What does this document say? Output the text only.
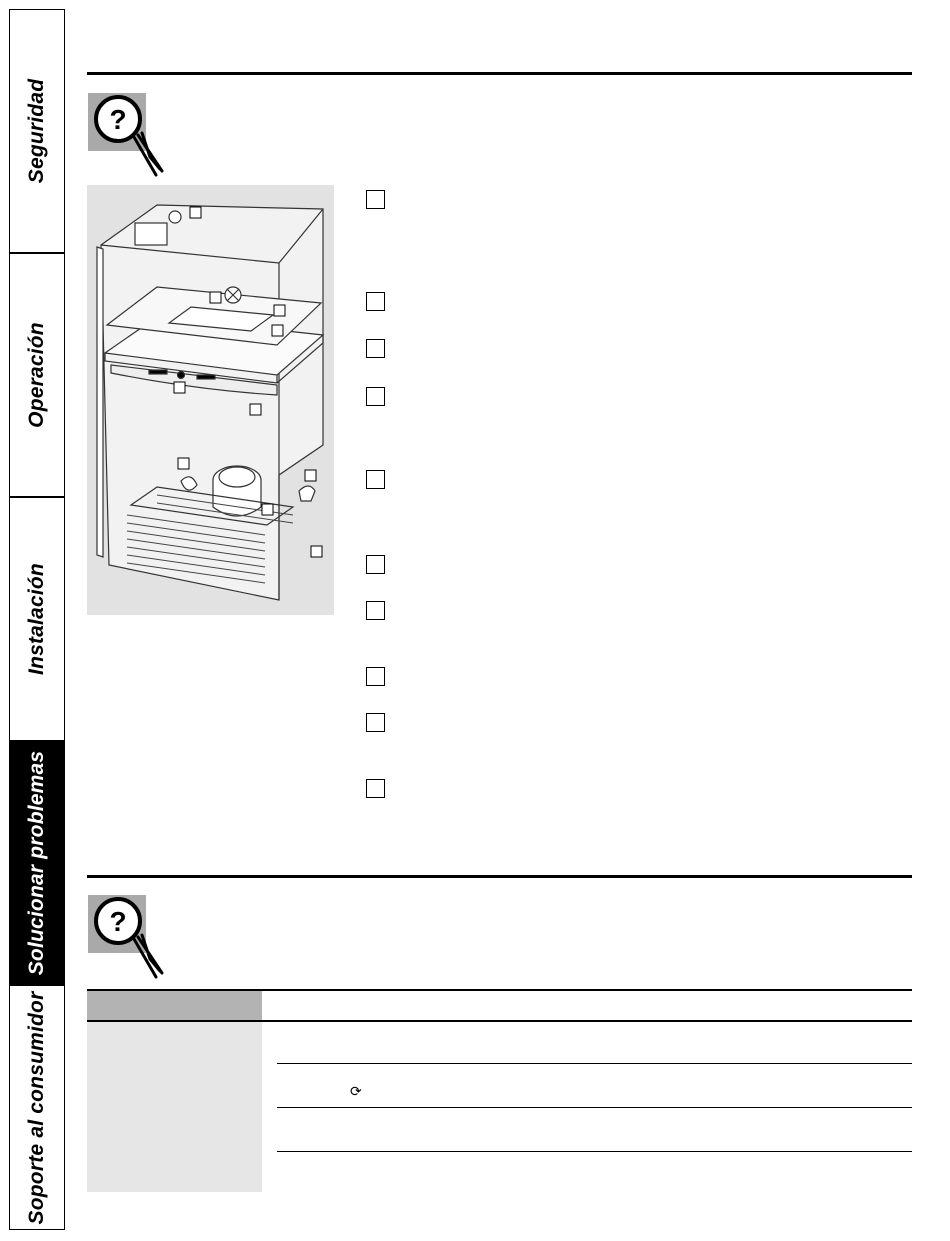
Seguridad
Operación
Instalación
Solucionar problemas
Soporte al consumidor
?
?
⟳
